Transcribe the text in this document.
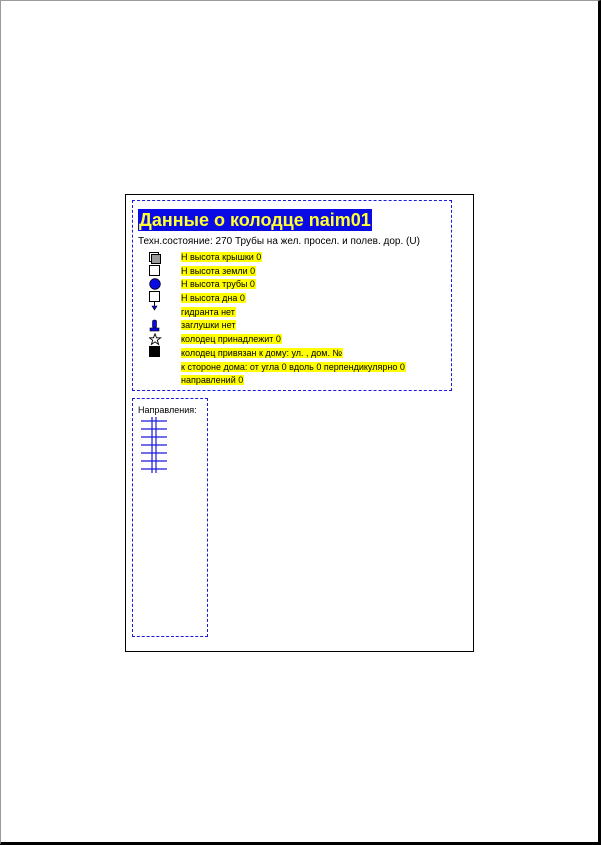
Данные о колодце naim01
Техн.состояние: 270 Трубы на жел. просел. и полев. дор. (U)
Н высота крышки 0
Н высота земли 0
Н высота трубы 0
Н высота дна 0
гидранта нет
заглушки нет
колодец принадлежит 0
колодец привязан к дому: ул. , дом. №
к стороне дома: от угла 0 вдоль 0 перпендикулярно 0
направлений 0
Направления:
